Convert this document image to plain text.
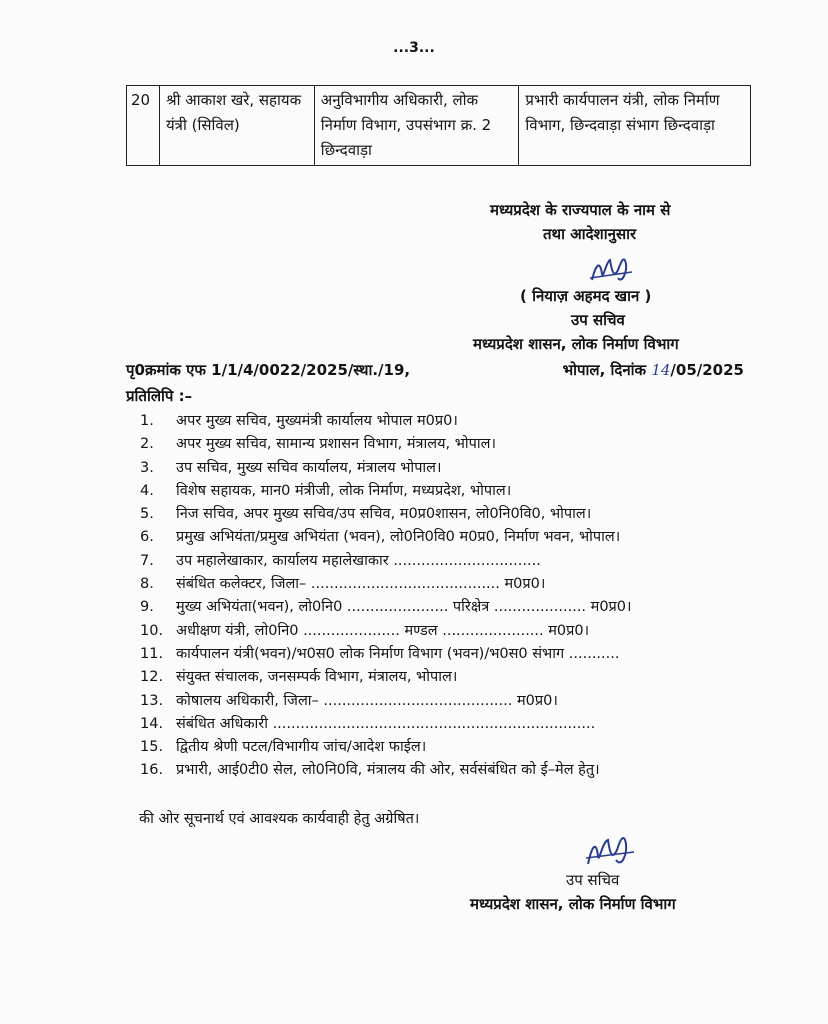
...3...
20	श्री आकाश खरे, सहायक यंत्री (सिविल)	अनुविभागीय अधिकारी, लोक निर्माण विभाग, उपसंभाग क्र. 2 छिन्दवाड़ा	प्रभारी कार्यपालन यंत्री, लोक निर्माण विभाग, छिन्दवाड़ा संभाग छिन्दवाड़ा
मध्यप्रदेश के राज्यपाल के नाम से
तथा आदेशानुसार
( नियाज़ अहमद खान )
उप सचिव
मध्यप्रदेश शासन, लोक निर्माण विभाग
पृ0क्रमांक एफ 1/1/4/0022/2025/स्था./19,	भोपाल, दिनांक 14/05/2025
प्रतिलिपि :–
1. अपर मुख्य सचिव, मुख्यमंत्री कार्यालय भोपाल म0प्र0।
2. अपर मुख्य सचिव, सामान्य प्रशासन विभाग, मंत्रालय, भोपाल।
3. उप सचिव, मुख्य सचिव कार्यालय, मंत्रालय भोपाल।
4. विशेष सहायक, मान0 मंत्रीजी, लोक निर्माण, मध्यप्रदेश, भोपाल।
5. निज सचिव, अपर मुख्य सचिव/उप सचिव, म0प्र0शासन, लो0नि0वि0, भोपाल।
6. प्रमुख अभियंता/प्रमुख अभियंता (भवन), लो0नि0वि0 म0प्र0, निर्माण भवन, भोपाल।
7. उप महालेखाकार, कार्यालय महालेखाकार ................................
8. संबंधित कलेक्टर, जिला– ......................................... म0प्र0।
9. मुख्य अभियंता(भवन), लो0नि0 ...................... परिक्षेत्र .................... म0प्र0।
10. अधीक्षण यंत्री, लो0नि0 ..................... मण्डल ...................... म0प्र0।
11. कार्यपालन यंत्री(भवन)/भ0स0 लोक निर्माण विभाग (भवन)/भ0स0 संभाग ...........
12. संयुक्त संचालक, जनसम्पर्क विभाग, मंत्रालय, भोपाल।
13. कोषालय अधिकारी, जिला– ......................................... म0प्र0।
14. संबंधित अधिकारी ......................................................................
15. द्वितीय श्रेणी पटल/विभागीय जांच/आदेश फाईल।
16. प्रभारी, आई0टी0 सेल, लो0नि0वि, मंत्रालय की ओर, सर्वसंबंधित को ई–मेल हेतु।
की ओर सूचनार्थ एवं आवश्यक कार्यवाही हेतु अग्रेषित।
उप सचिव
मध्यप्रदेश शासन, लोक निर्माण विभाग
